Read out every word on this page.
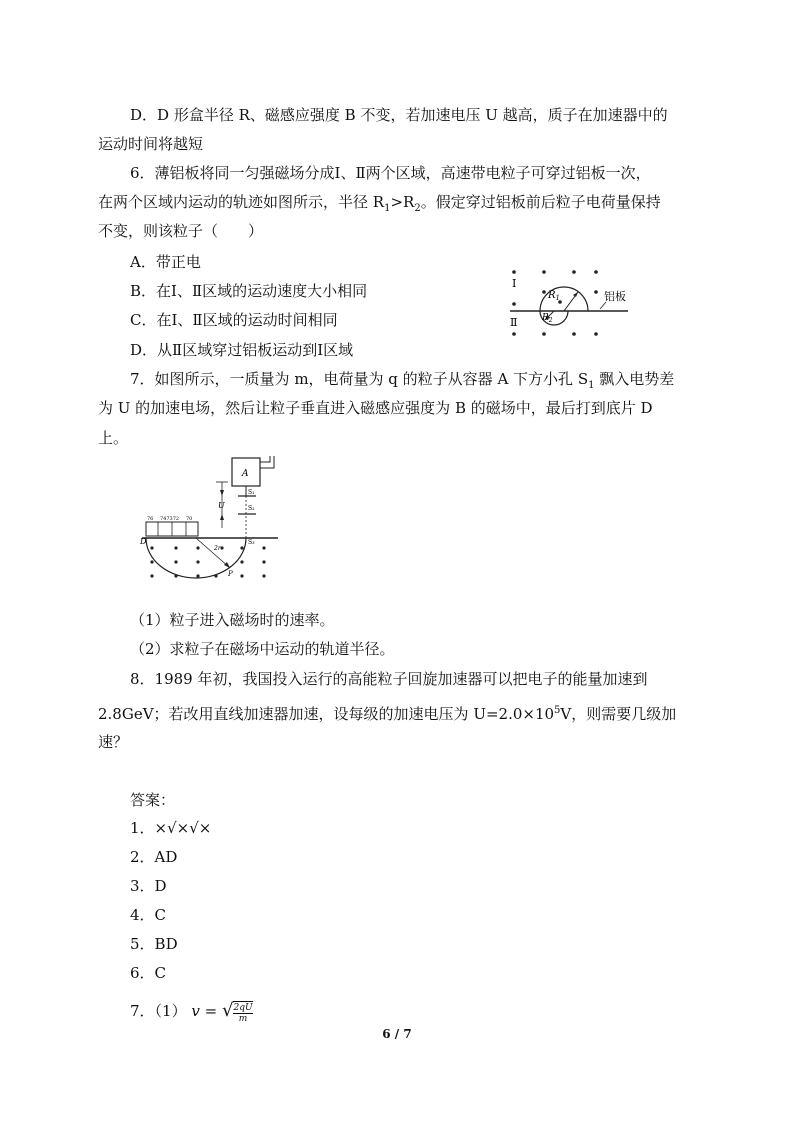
D．D 形盒半径 R、磁感应强度 B 不变，若加速电压 U 越高，质子在加速器中的
运动时间将越短
6．薄铝板将同一匀强磁场分成Ⅰ、Ⅱ两个区域，高速带电粒子可穿过铝板一次，
在两个区域内运动的轨迹如图所示，半径 $R_1>R_2$。假定穿过铝板前后粒子电荷量保持
不变，则该粒子（　　）
A．带正电
B．在Ⅰ、Ⅱ区域的运动速度大小相同
C．在Ⅰ、Ⅱ区域的运动时间相同
D．从Ⅱ区域穿过铝板运动到Ⅰ区域
Ⅰ
Ⅱ
$R_1$
$R_2$
铝板
7．如图所示，一质量为 m，电荷量为 q 的粒子从容器 A 下方小孔 $S_1$ 飘入电势差
为 U 的加速电场，然后让粒子垂直进入磁感应强度为 B 的磁场中，最后打到底片 D
上。
A
U
S₁
S₂
76 747372 70
D	S₃
2r
P
（1）粒子进入磁场时的速率。
（2）求粒子在磁场中运动的轨道半径。
8．1989 年初，我国投入运行的高能粒子回旋加速器可以把电子的能量加速到
2.8GeV；若改用直线加速器加速，设每级的加速电压为 $U=2.0\times 10^5V$，则需要几级加
速？
答案：
1．×√×√×
2．AD
3．D
4．C
5．BD
6．C
7．（1） v = √ $\frac{2qU}{m}$
6 / 7
